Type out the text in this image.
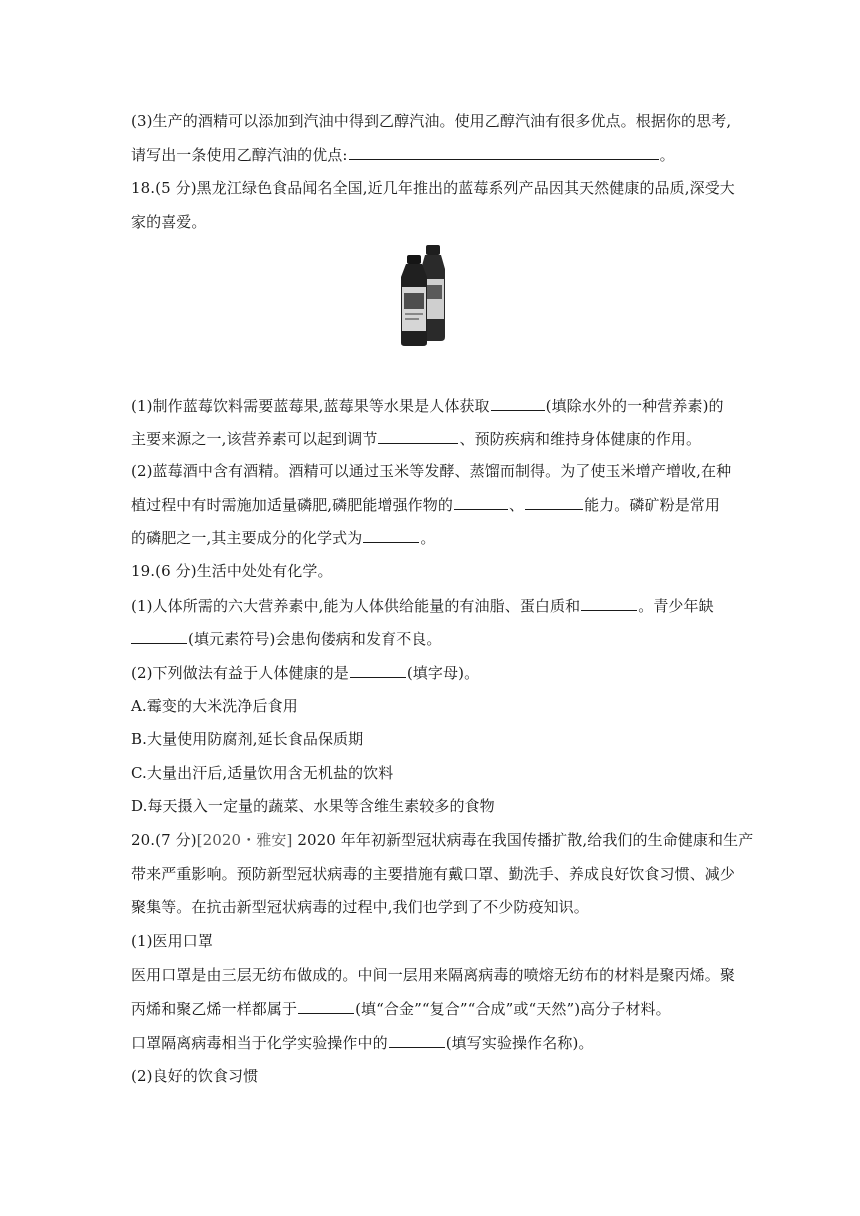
(3)生产的酒精可以添加到汽油中得到乙醇汽油。使用乙醇汽油有很多优点。根据你的思考,
请写出一条使用乙醇汽油的优点:	。
18.(5 分)黑龙江绿色食品闻名全国,近几年推出的蓝莓系列产品因其天然健康的品质,深受大
家的喜爱。
(1)制作蓝莓饮料需要蓝莓果,蓝莓果等水果是人体获取	(填除水外的一种营养素)的
主要来源之一,该营养素可以起到调节	、预防疾病和维持身体健康的作用。
(2)蓝莓酒中含有酒精。酒精可以通过玉米等发酵、蒸馏而制得。为了使玉米增产增收,在种
植过程中有时需施加适量磷肥,磷肥能增强作物的	、	能力。磷矿粉是常用
的磷肥之一,其主要成分的化学式为	。
19.(6 分)生活中处处有化学。
(1)人体所需的六大营养素中,能为人体供给能量的有油脂、蛋白质和	。青少年缺
(填元素符号)会患佝偻病和发育不良。
(2)下列做法有益于人体健康的是	(填字母)。
A.霉变的大米洗净后食用
B.大量使用防腐剂,延长食品保质期
C.大量出汗后,适量饮用含无机盐的饮料
D.每天摄入一定量的蔬菜、水果等含维生素较多的食物
20.(7 分)[2020・雅安] 2020 年年初新型冠状病毒在我国传播扩散,给我们的生命健康和生产
带来严重影响。预防新型冠状病毒的主要措施有戴口罩、勤洗手、养成良好饮食习惯、减少
聚集等。在抗击新型冠状病毒的过程中,我们也学到了不少防疫知识。
(1)医用口罩
医用口罩是由三层无纺布做成的。中间一层用来隔离病毒的喷熔无纺布的材料是聚丙烯。聚
丙烯和聚乙烯一样都属于	(填“合金”“复合”“合成”或“天然”)高分子材料。
口罩隔离病毒相当于化学实验操作中的	(填写实验操作名称)。
(2)良好的饮食习惯
